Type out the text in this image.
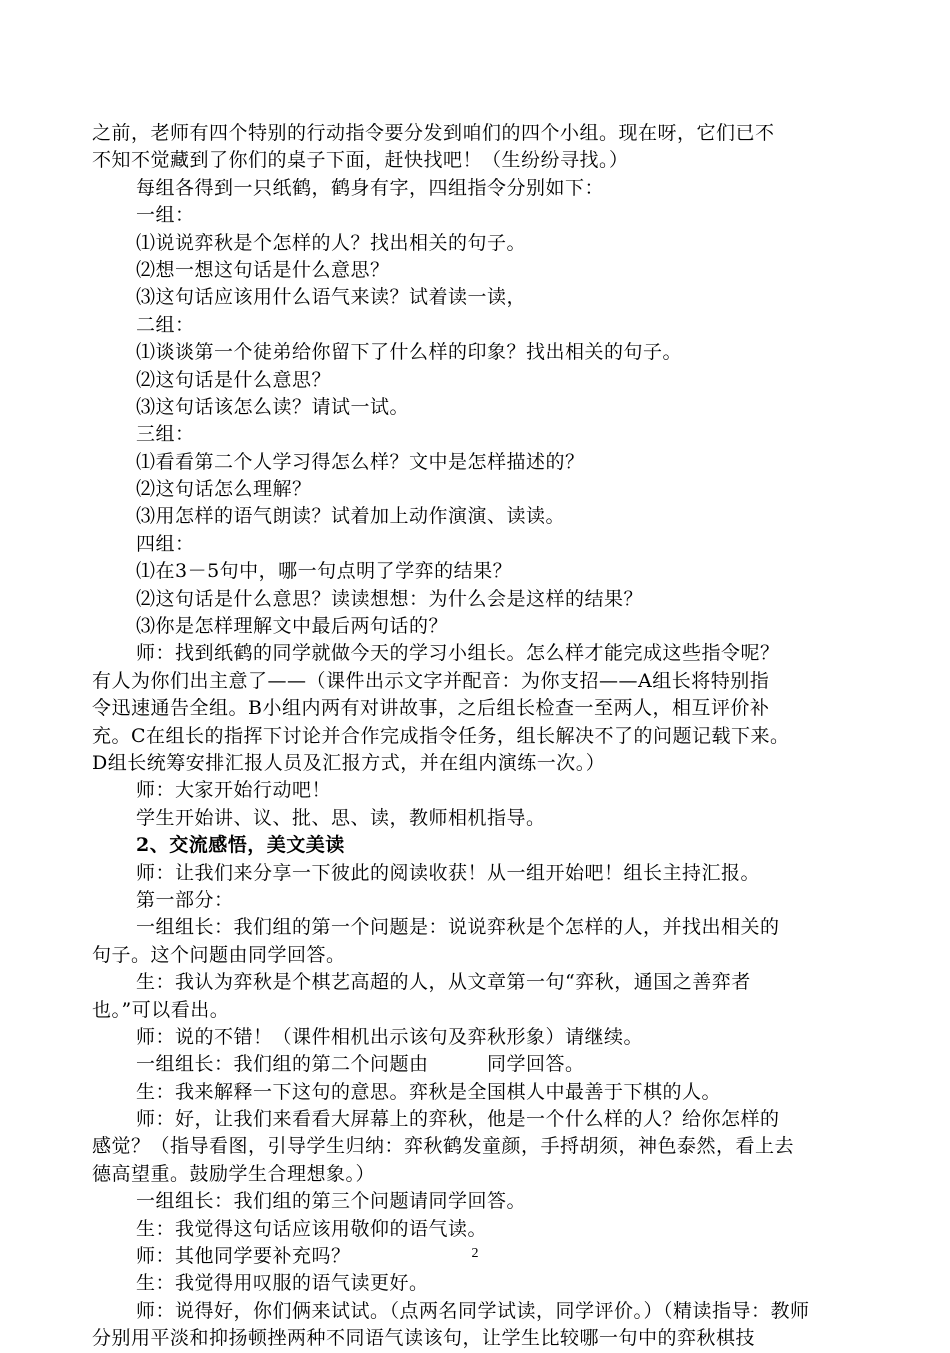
之前，老师有四个特别的行动指令要分发到咱们的四个小组。现在呀，它们已不
不知不觉藏到了你们的桌子下面，赶快找吧！（生纷纷寻找。）
每组各得到一只纸鹤，鹤身有字，四组指令分别如下：
一组：
⑴说说弈秋是个怎样的人？找出相关的句子。
⑵想一想这句话是什么意思？
⑶这句话应该用什么语气来读？试着读一读，
二组：
⑴谈谈第一个徒弟给你留下了什么样的印象？找出相关的句子。
⑵这句话是什么意思？
⑶这句话该怎么读？请试一试。
三组：
⑴看看第二个人学习得怎么样？文中是怎样描述的？
⑵这句话怎么理解？
⑶用怎样的语气朗读？试着加上动作演演、读读。
四组：
⑴在3－5句中，哪一句点明了学弈的结果？
⑵这句话是什么意思？读读想想：为什么会是这样的结果？
⑶你是怎样理解文中最后两句话的？
师：找到纸鹤的同学就做今天的学习小组长。怎么样才能完成这些指令呢？
有人为你们出主意了——（课件出示文字并配音：为你支招——A组长将特别指
令迅速通告全组。B小组内两有对讲故事，之后组长检查一至两人，相互评价补
充。C在组长的指挥下讨论并合作完成指令任务，组长解决不了的问题记载下来。
D组长统筹安排汇报人员及汇报方式，并在组内演练一次。）
师：大家开始行动吧！
学生开始讲、议、批、思、读，教师相机指导。
2、交流感悟，美文美读
师：让我们来分享一下彼此的阅读收获！从一组开始吧！组长主持汇报。
第一部分：
一组组长：我们组的第一个问题是：说说弈秋是个怎样的人，并找出相关的
句子。这个问题由同学回答。
生：我认为弈秋是个棋艺高超的人，从文章第一句“弈秋，通国之善弈者
也。”可以看出。
师：说的不错！（课件相机出示该句及弈秋形象）请继续。
一组组长：我们组的第二个问题由　　　同学回答。
生：我来解释一下这句的意思。弈秋是全国棋人中最善于下棋的人。
师：好，让我们来看看大屏幕上的弈秋，他是一个什么样的人？给你怎样的
感觉？（指导看图，引导学生归纳：弈秋鹤发童颜，手捋胡须，神色泰然，看上去
德高望重。鼓励学生合理想象。）
一组组长：我们组的第三个问题请同学回答。
生：我觉得这句话应该用敬仰的语气读。
师：其他同学要补充吗？
生：我觉得用叹服的语气读更好。
师：说得好，你们俩来试试。（点两名同学试读，同学评价。）（精读指导：教师
分别用平淡和抑扬顿挫两种不同语气读该句，让学生比较哪一句中的弈秋棋技
2
